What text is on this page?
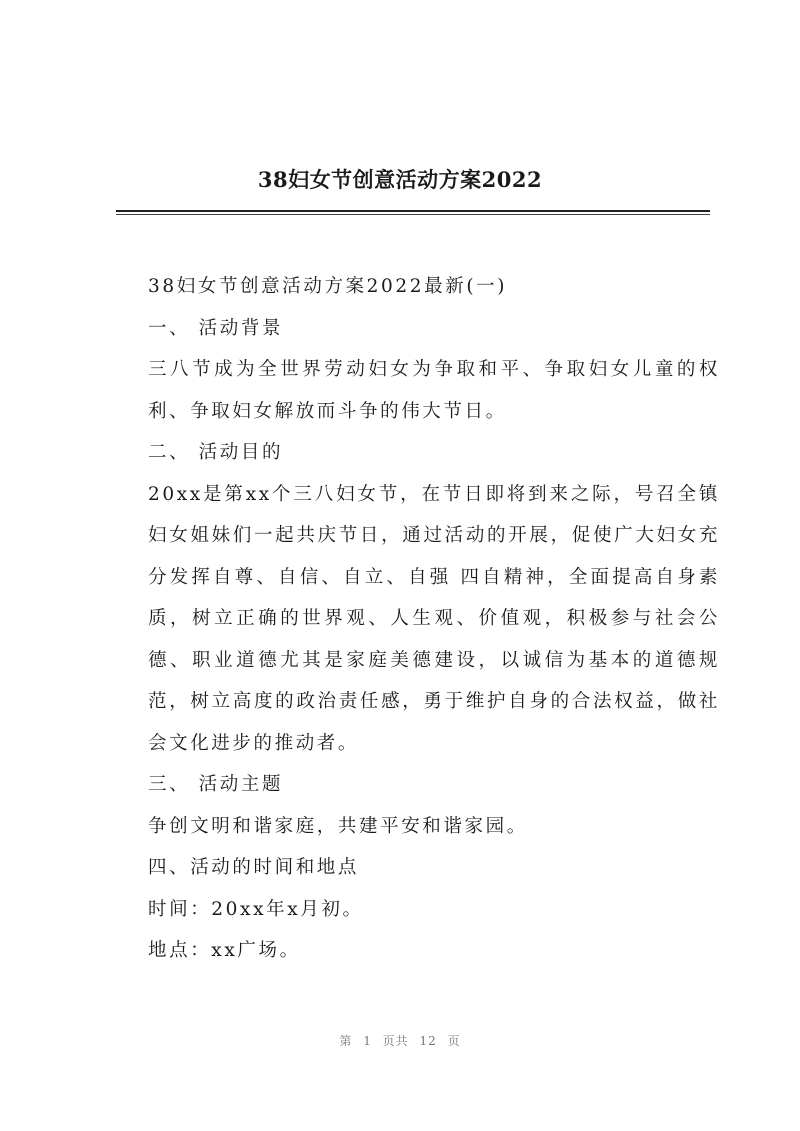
38妇女节创意活动方案2022

38妇女节创意活动方案2022最新(一)

一、 活动背景

三八节成为全世界劳动妇女为争取和平、争取妇女儿童的权利、争取妇女解放而斗争的伟大节日。

二、 活动目的

20xx是第xx个三八妇女节，在节日即将到来之际，号召全镇妇女姐妹们一起共庆节日，通过活动的开展，促使广大妇女充分发挥自尊、自信、自立、自强 四自精神，全面提高自身素质，树立正确的世界观、人生观、价值观，积极参与社会公德、职业道德尤其是家庭美德建设，以诚信为基本的道德规范，树立高度的政治责任感，勇于维护自身的合法权益，做社会文化进步的推动者。

三、 活动主题

争创文明和谐家庭，共建平安和谐家园。

四、活动的时间和地点

时间：20xx年x月初。

地点：xx广场。

第 1 页共 12 页
